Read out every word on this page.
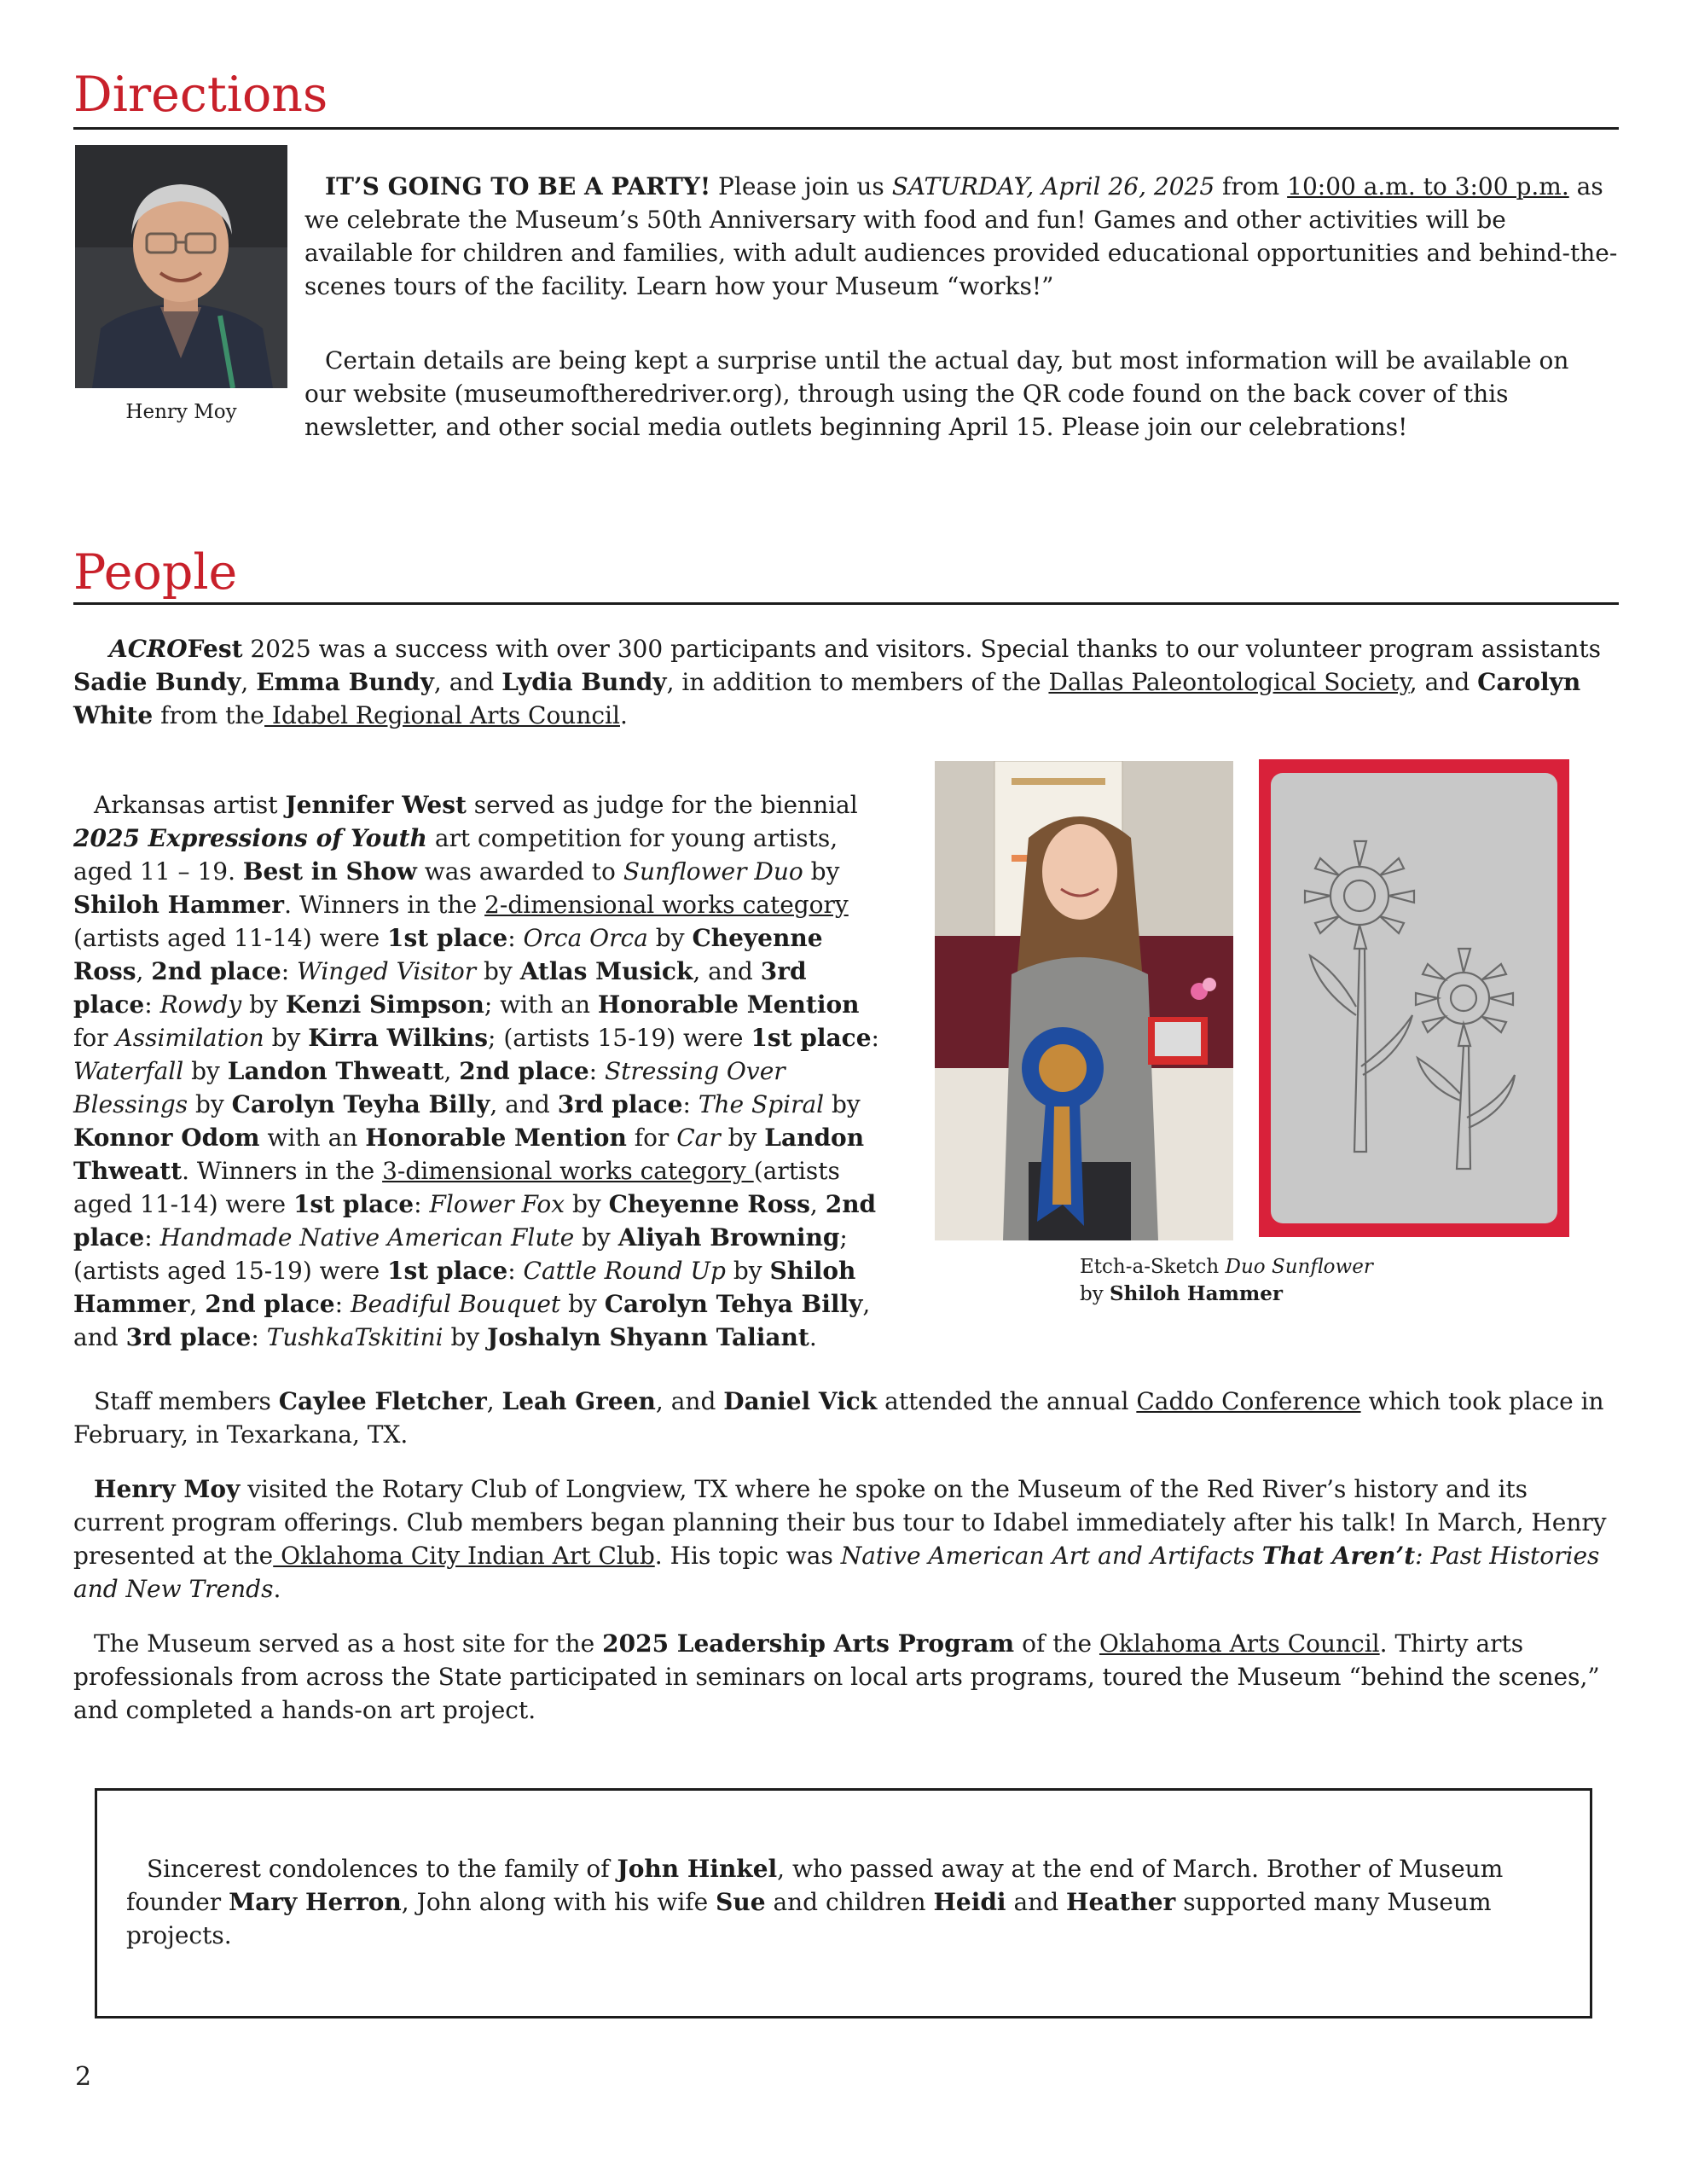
Directions
Henry Moy

IT’S GOING TO BE A PARTY! Please join us SATURDAY, April 26, 2025 from 10:00 a.m. to 3:00 p.m. as we celebrate the Museum’s 50th Anniversary with food and fun! Games and other activities will be available for children and families, with adult audiences provided educational opportunities and behind-the-scenes tours of the facility. Learn how your Museum “works!”

Certain details are being kept a surprise until the actual day, but most information will be available on our website (museumoftheredriver.org), through using the QR code found on the back cover of this newsletter, and other social media outlets beginning April 15. Please join our celebrations!

People

ACROFest 2025 was a success with over 300 participants and visitors. Special thanks to our volunteer program assistants Sadie Bundy, Emma Bundy, and Lydia Bundy, in addition to members of the Dallas Paleontological Society, and Carolyn White from the Idabel Regional Arts Council.

Arkansas artist Jennifer West served as judge for the biennial 2025 Expressions of Youth art competition for young artists, aged 11 – 19. Best in Show was awarded to Sunflower Duo by Shiloh Hammer. Winners in the 2-dimensional works category (artists aged 11-14) were 1st place: Orca Orca by Cheyenne Ross, 2nd place: Winged Visitor by Atlas Musick, and 3rd place: Rowdy by Kenzi Simpson; with an Honorable Mention for Assimilation by Kirra Wilkins; (artists 15-19) were 1st place: Waterfall by Landon Thweatt, 2nd place: Stressing Over Blessings by Carolyn Teyha Billy, and 3rd place: The Spiral by Konnor Odom with an Honorable Mention for Car by Landon Thweatt. Winners in the 3-dimensional works category (artists aged 11-14) were 1st place: Flower Fox by Cheyenne Ross, 2nd place: Handmade Native American Flute by Aliyah Browning; (artists aged 15-19) were 1st place: Cattle Round Up by Shiloh Hammer, 2nd place: Beadiful Bouquet by Carolyn Tehya Billy, and 3rd place: TushkaTskitini by Joshalyn Shyann Taliant.

Etch-a-Sketch Duo Sunflower
by Shiloh Hammer

Staff members Caylee Fletcher, Leah Green, and Daniel Vick attended the annual Caddo Conference which took place in February, in Texarkana, TX.

Henry Moy visited the Rotary Club of Longview, TX where he spoke on the Museum of the Red River’s history and its current program offerings. Club members began planning their bus tour to Idabel immediately after his talk! In March, Henry presented at the Oklahoma City Indian Art Club. His topic was Native American Art and Artifacts That Aren’t: Past Histories and New Trends.

The Museum served as a host site for the 2025 Leadership Arts Program of the Oklahoma Arts Council. Thirty arts professionals from across the State participated in seminars on local arts programs, toured the Museum “behind the scenes,” and completed a hands-on art project.

Sincerest condolences to the family of John Hinkel, who passed away at the end of March. Brother of Museum founder Mary Herron, John along with his wife Sue and children Heidi and Heather supported many Museum projects.

2
